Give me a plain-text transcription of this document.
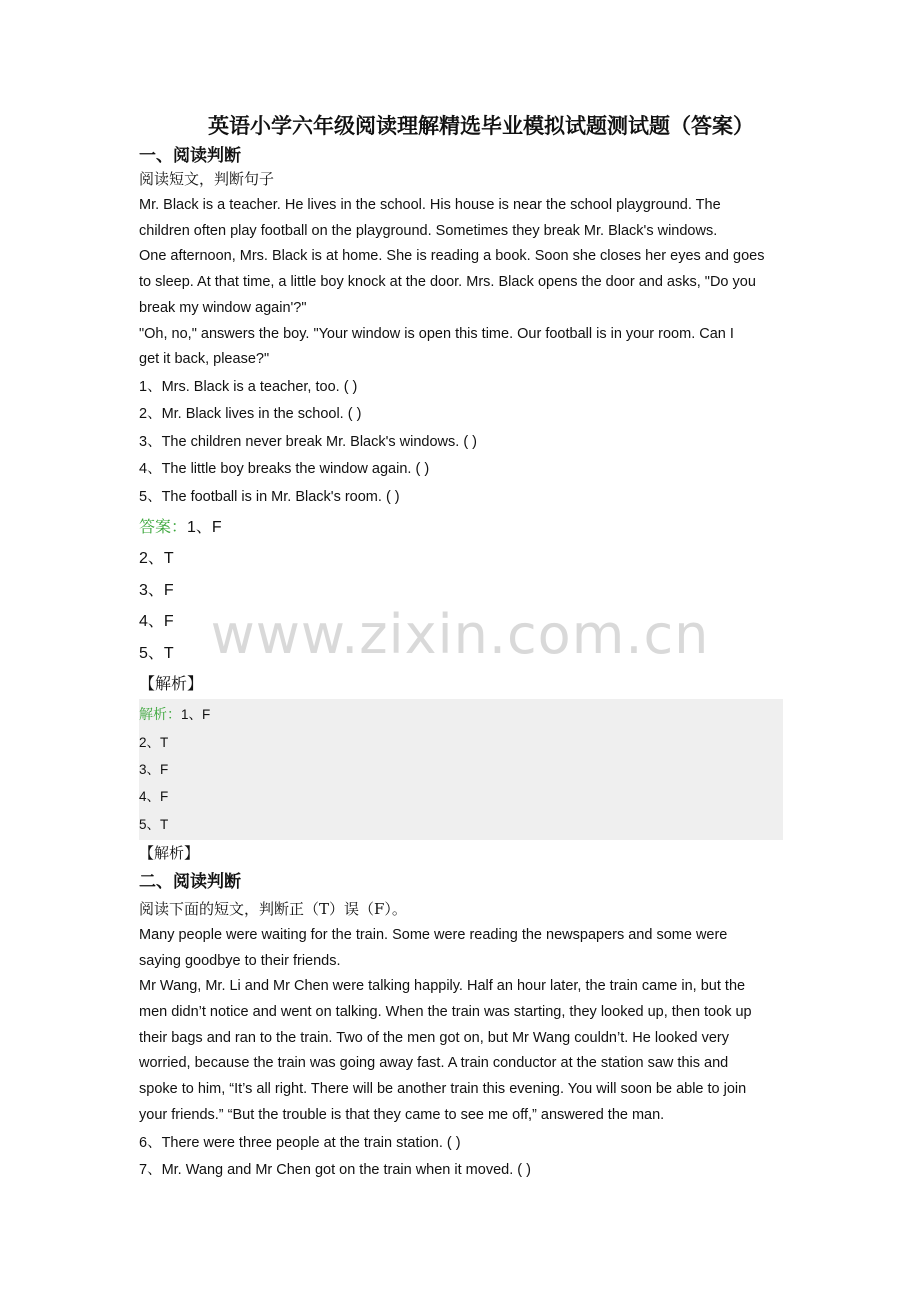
www.zixin.com.cn
英语小学六年级阅读理解精选毕业模拟试题测试题（答案）
一、阅读判断
阅读短文，判断句子

Mr. Black is a teacher. He lives in the school. His house is near the school playground. The

children often play football on the playground. Sometimes they break Mr. Black's windows.

One afternoon, Mrs. Black is at home. She is reading a book. Soon she closes her eyes and goes

to sleep. At that time, a little boy knock at the door. Mrs. Black opens the door and asks, "Do you

break my window again'?"

"Oh, no," answers the boy. "Your window is open this time. Our football is in your room. Can I

get it back, please?"

1、Mrs. Black is a teacher, too. ( )

2、Mr. Black lives in the school. ( )

3、The children never break Mr. Black's windows. ( )

4、The little boy breaks the window again. ( )

5、The football is in Mr. Black's room. ( )

答案：1、F

2、T

3、F

4、F

5、T

【解析】
解析：1、F
2、T
3、F
4、F
5、T
【解析】
二、阅读判断
阅读下面的短文，判断正（T）误（F）。

Many people were waiting for the train. Some were reading the newspapers and some were

saying goodbye to their friends.

Mr Wang, Mr. Li and Mr Chen were talking happily. Half an hour later, the train came in, but the

men didn’t notice and went on talking. When the train was starting, they looked up, then took up

their bags and ran to the train. Two of the men got on, but Mr Wang couldn’t. He looked very

worried, because the train was going away fast. A train conductor at the station saw this and

spoke to him, “It’s all right. There will be another train this evening. You will soon be able to join

your friends.” “But the trouble is that they came to see me off,” answered the man.

6、There were three people at the train station. ( )

7、Mr. Wang and Mr Chen got on the train when it moved. ( )
